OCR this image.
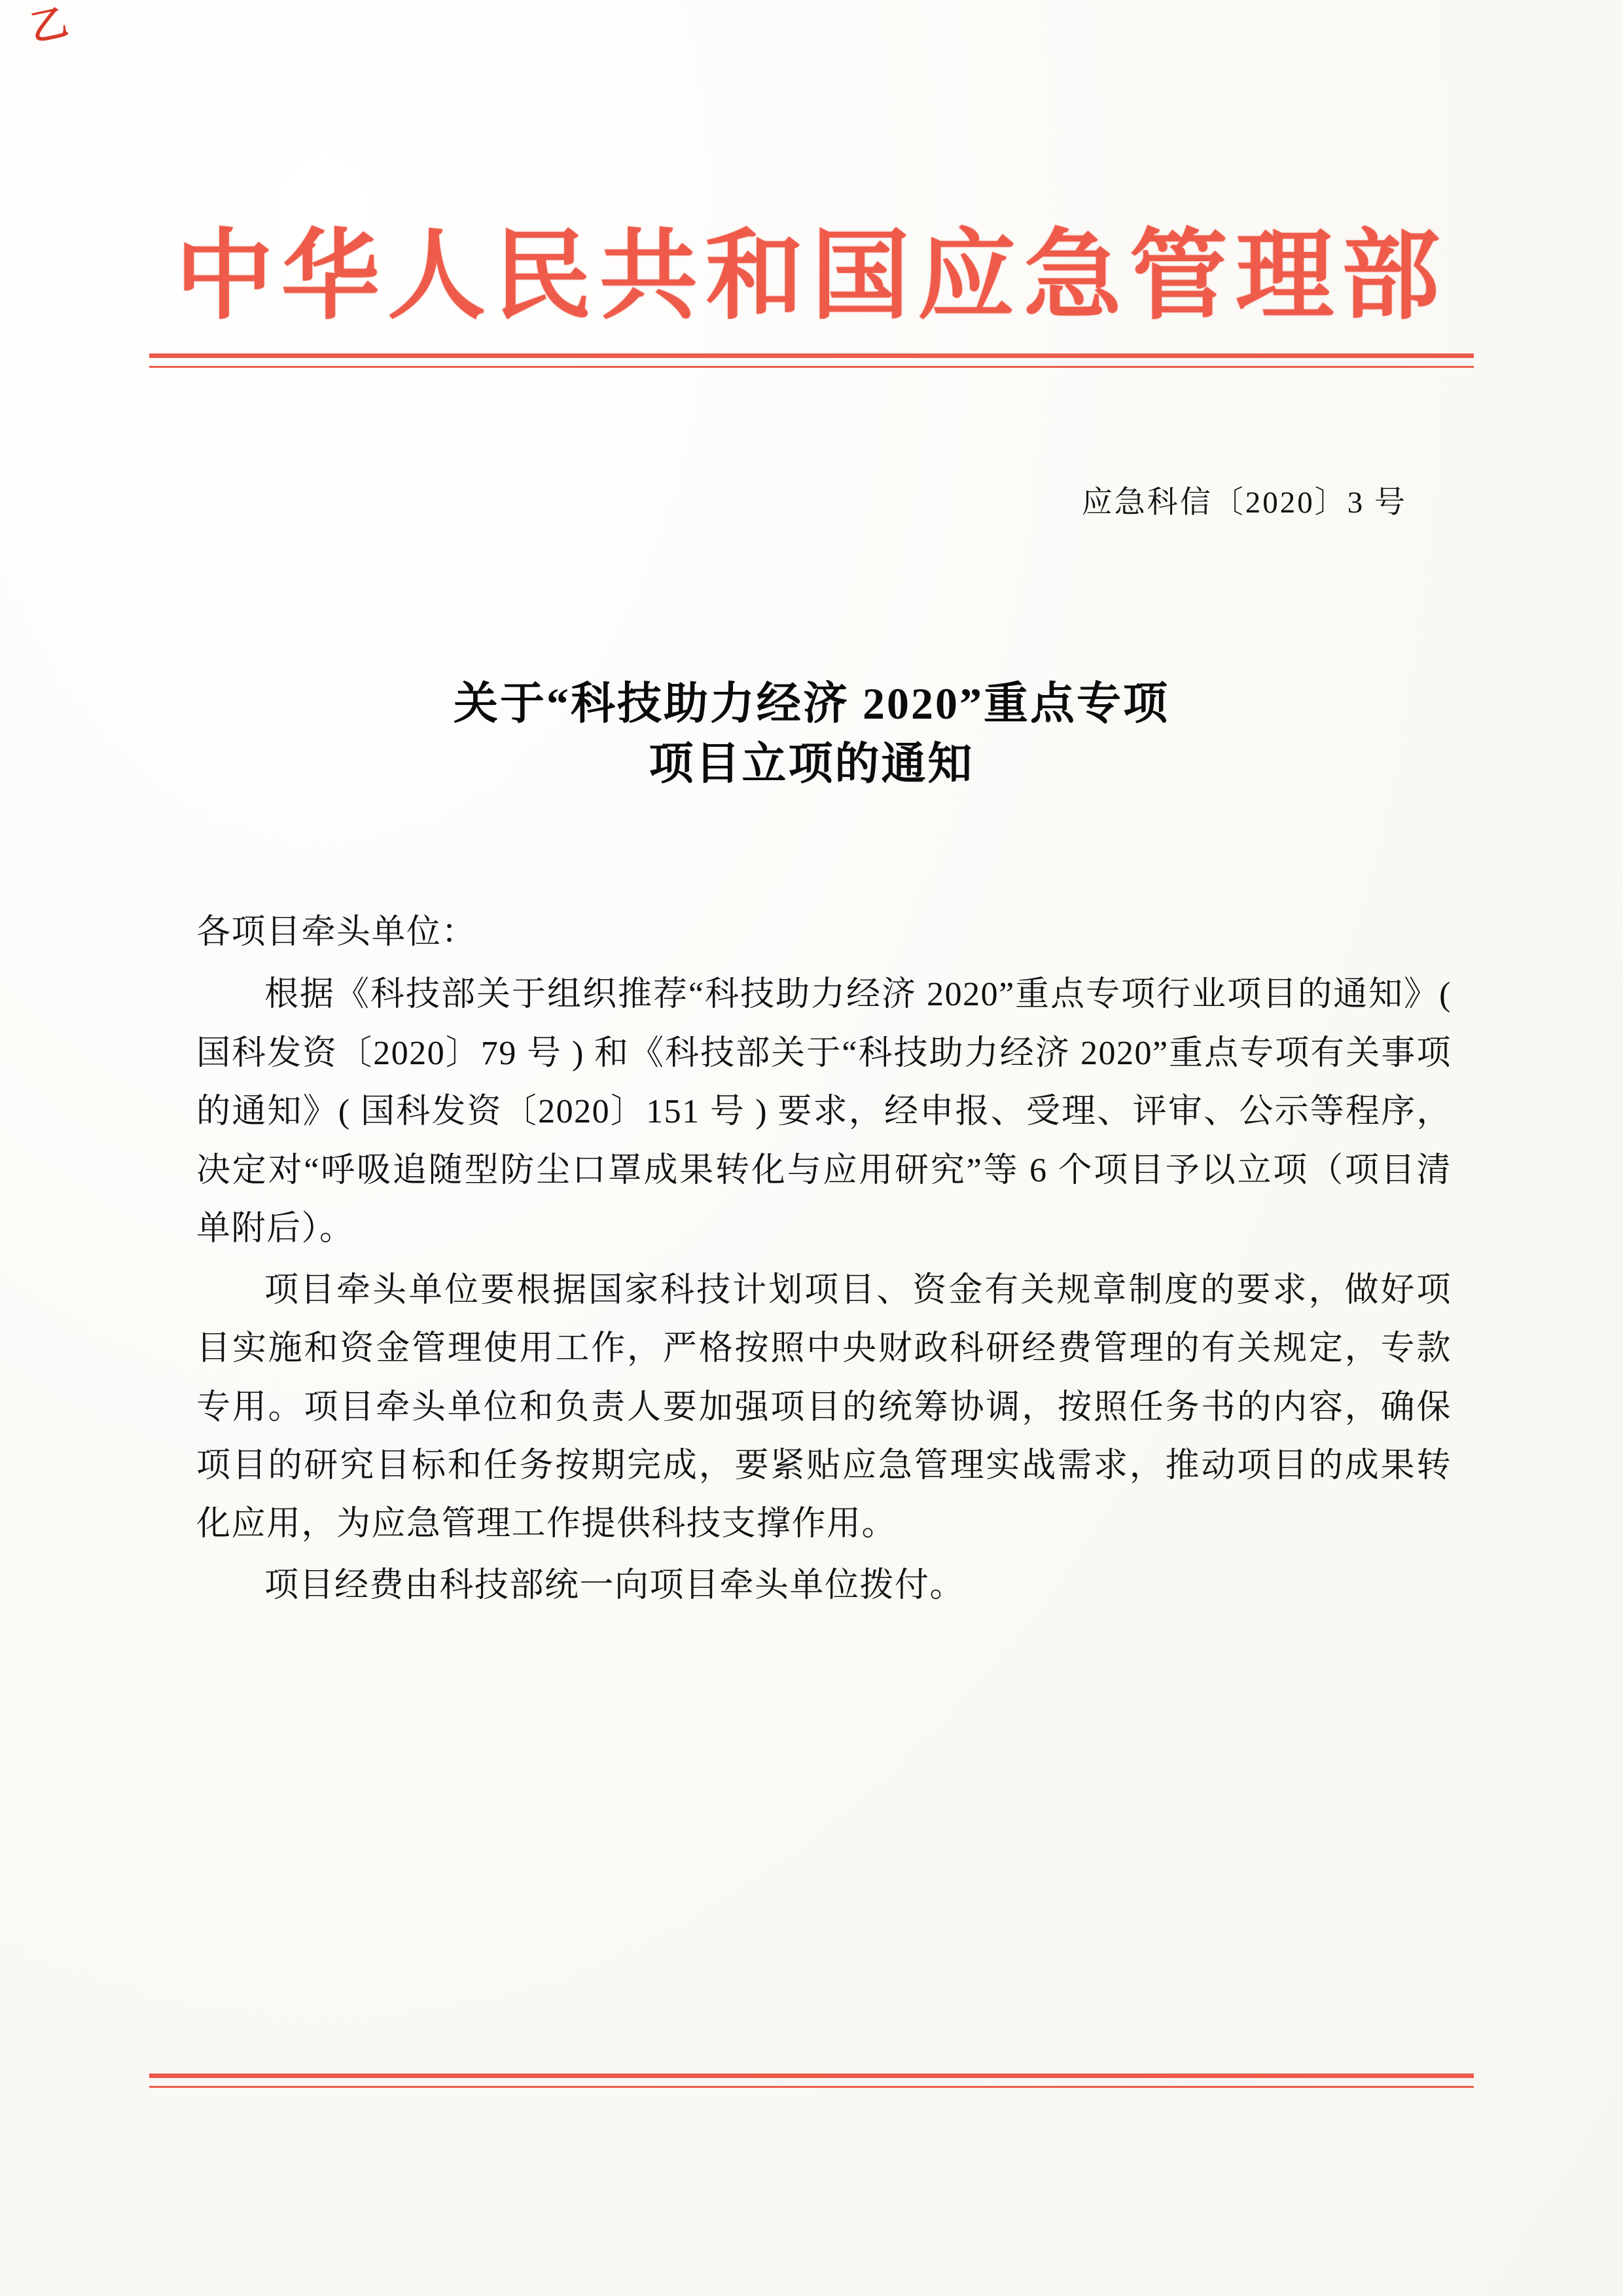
乙
中华人民共和国应急管理部
应急科信〔2020〕3 号
关于“科技助力经济 2020”重点专项
项目立项的通知
各项目牵头单位：

根据《科技部关于组织推荐“科技助力经济 2020”重点专项行业项目的通知》( 国科发资〔2020〕79 号 ) 和《科技部关于“科技助力经济 2020”重点专项有关事项的通知》( 国科发资〔2020〕151 号 ) 要求，经申报、受理、评审、公示等程序，决定对“呼吸追随型防尘口罩成果转化与应用研究”等 6 个项目予以立项（项目清单附后）。

项目牵头单位要根据国家科技计划项目、资金有关规章制度的要求，做好项目实施和资金管理使用工作，严格按照中央财政科研经费管理的有关规定，专款专用。项目牵头单位和负责人要加强项目的统筹协调，按照任务书的内容，确保项目的研究目标和任务按期完成，要紧贴应急管理实战需求，推动项目的成果转化应用，为应急管理工作提供科技支撑作用。

项目经费由科技部统一向项目牵头单位拨付。
